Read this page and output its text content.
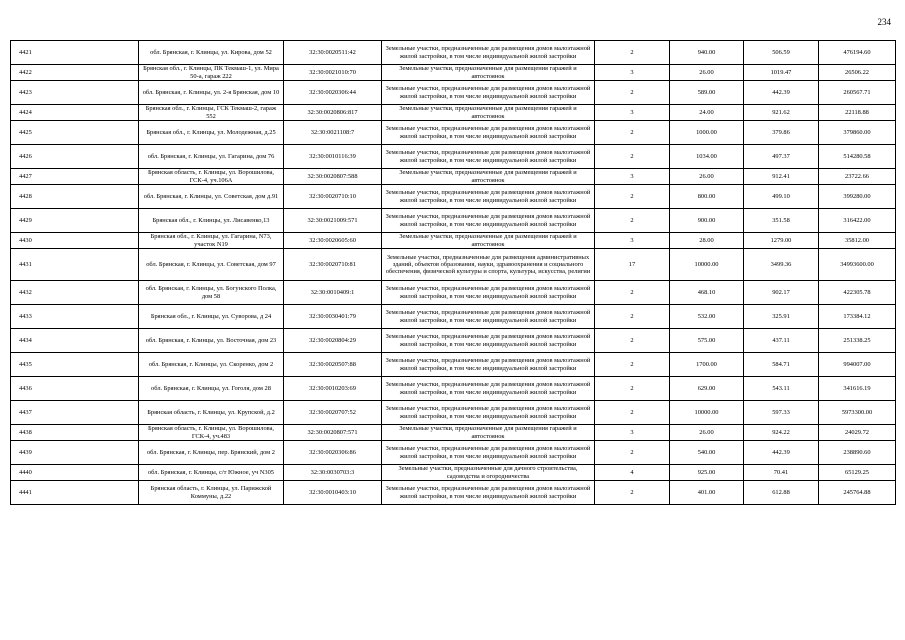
234
4421	обл. Брянская, г. Клинцы, ул. Кирова, дом 52	32:30:0020511:42	Земельные участки, предназначенные для размещения домов малоэтажной жилой застройки, в том числе индивидуальной жилой застройки	2	940.00	506.59	476194.60
4422	Брянская обл., г. Клинцы, ПК Текмаш-1, ул. Мира 50-а, гараж 222	32:30:0021010:70	Земельные участки, предназначенные для размещения гаражей и автостоянок	3	26.00	1019.47	26506.22
4423	обл. Брянская, г. Клинцы, ул. 2-я Брянская, дом 10	32:30:0020306:44	Земельные участки, предназначенные для размещения домов малоэтажной жилой застройки, в том числе индивидуальной жилой застройки	2	589.00	442.39	260567.71
4424	Брянская обл., г. Клинцы, ГСК Текмаш-2, гараж 552	32:30:0020806:817	Земельные участки, предназначенные для размещения гаражей и автостоянок	3	24.00	921.62	22118.88
4425	Брянская обл., г. Клинцы, ул. Молодежная, д.25	32:30:0021108:7	Земельные участки, предназначенные для размещения домов малоэтажной жилой застройки, в том числе индивидуальной жилой застройки	2	1000.00	379.86	379860.00
4426	обл. Брянская, г. Клинцы, ул. Гагарина, дом 76	32:30:0010116:39	Земельные участки, предназначенные для размещения домов малоэтажной жилой застройки, в том числе индивидуальной жилой застройки	2	1034.00	497.37	514280.58
4427	Брянская область, г. Клинцы, ул. Ворошилова, ГСК-4, уч.106А	32:30:0020807:588	Земельные участки, предназначенные для размещения гаражей и автостоянок	3	26.00	912.41	23722.66
4428	обл. Брянская, г. Клинцы, ул. Советская, дом д.91	32:30:0020710:10	Земельные участки, предназначенные для размещения домов малоэтажной жилой застройки, в том числе индивидуальной жилой застройки	2	800.00	499.10	399280.00
4429	Брянская обл., г. Клинцы, ул. Лисавенко,13	32:30:0021009:571	Земельные участки, предназначенные для размещения домов малоэтажной жилой застройки, в том числе индивидуальной жилой застройки	2	900.00	351.58	316422.00
4430	Брянская обл., г. Клинцы, ул. Гагарина, N73, участок N19	32:30:0020605:60	Земельные участки, предназначенные для размещения гаражей и автостоянок	3	28.00	1279.00	35812.00
4431	обл. Брянская, г. Клинцы, ул. Советская, дом 97	32:30:0020710:81	Земельные участки, предназначенные для размещения административных зданий, объектов образования, науки, здравоохранения и социального обеспечения, физической культуры и спорта, культуры, искусства, религии	17	10000.00	3499.36	34993600.00
4432	обл. Брянская, г. Клинцы, ул. Богунского Полка, дом 58	32:30:0010409:1	Земельные участки, предназначенные для размещения домов малоэтажной жилой застройки, в том числе индивидуальной жилой застройки	2	468.10	902.17	422305.78
4433	Брянская обл., г. Клинцы, ул. Суворова, д 24	32:30:0030401:79	Земельные участки, предназначенные для размещения домов малоэтажной жилой застройки, в том числе индивидуальной жилой застройки	2	532.00	325.91	173384.12
4434	обл. Брянская, г. Клинцы, ул. Восточная, дом 23	32:30:0020804:29	Земельные участки, предназначенные для размещения домов малоэтажной жилой застройки, в том числе индивидуальной жилой застройки	2	575.00	437.11	251338.25
4435	обл. Брянская, г. Клинцы, ул. Скоренко, дом 2	32:30:0020507:88	Земельные участки, предназначенные для размещения домов малоэтажной жилой застройки, в том числе индивидуальной жилой застройки	2	1700.00	584.71	994007.00
4436	обл. Брянская, г. Клинцы, ул. Гоголя, дом 28	32:30:0010203:69	Земельные участки, предназначенные для размещения домов малоэтажной жилой застройки, в том числе индивидуальной жилой застройки	2	629.00	543.11	341616.19
4437	Брянская область, г. Клинцы, ул. Крупской, д.2	32:30:0020707:52	Земельные участки, предназначенные для размещения домов малоэтажной жилой застройки, в том числе индивидуальной жилой застройки	2	10000.00	597.33	5973300.00
4438	Брянская область, г. Клинцы, ул. Ворошилова, ГСК-4, уч.483	32:30:0020807:571	Земельные участки, предназначенные для размещения гаражей и автостоянок	3	26.00	924.22	24029.72
4439	обл. Брянская, г. Клинцы, пер. Брянский, дом 2	32:30:0020306:86	Земельные участки, предназначенные для размещения домов малоэтажной жилой застройки, в том числе индивидуальной жилой застройки	2	540.00	442.39	238890.60
4440	обл. Брянская, г. Клинцы, с/т Южное, уч N305	32:30:0030703:3	Земельные участки, предназначенные для дачного строительства, садоводства и огородничества	4	925.00	70.41	65129.25
4441	Брянская область, г. Клинцы, ул. Парижской Коммуны, д.22	32:30:0010403:10	Земельные участки, предназначенные для размещения домов малоэтажной жилой застройки, в том числе индивидуальной жилой застройки	2	401.00	612.88	245764.88
